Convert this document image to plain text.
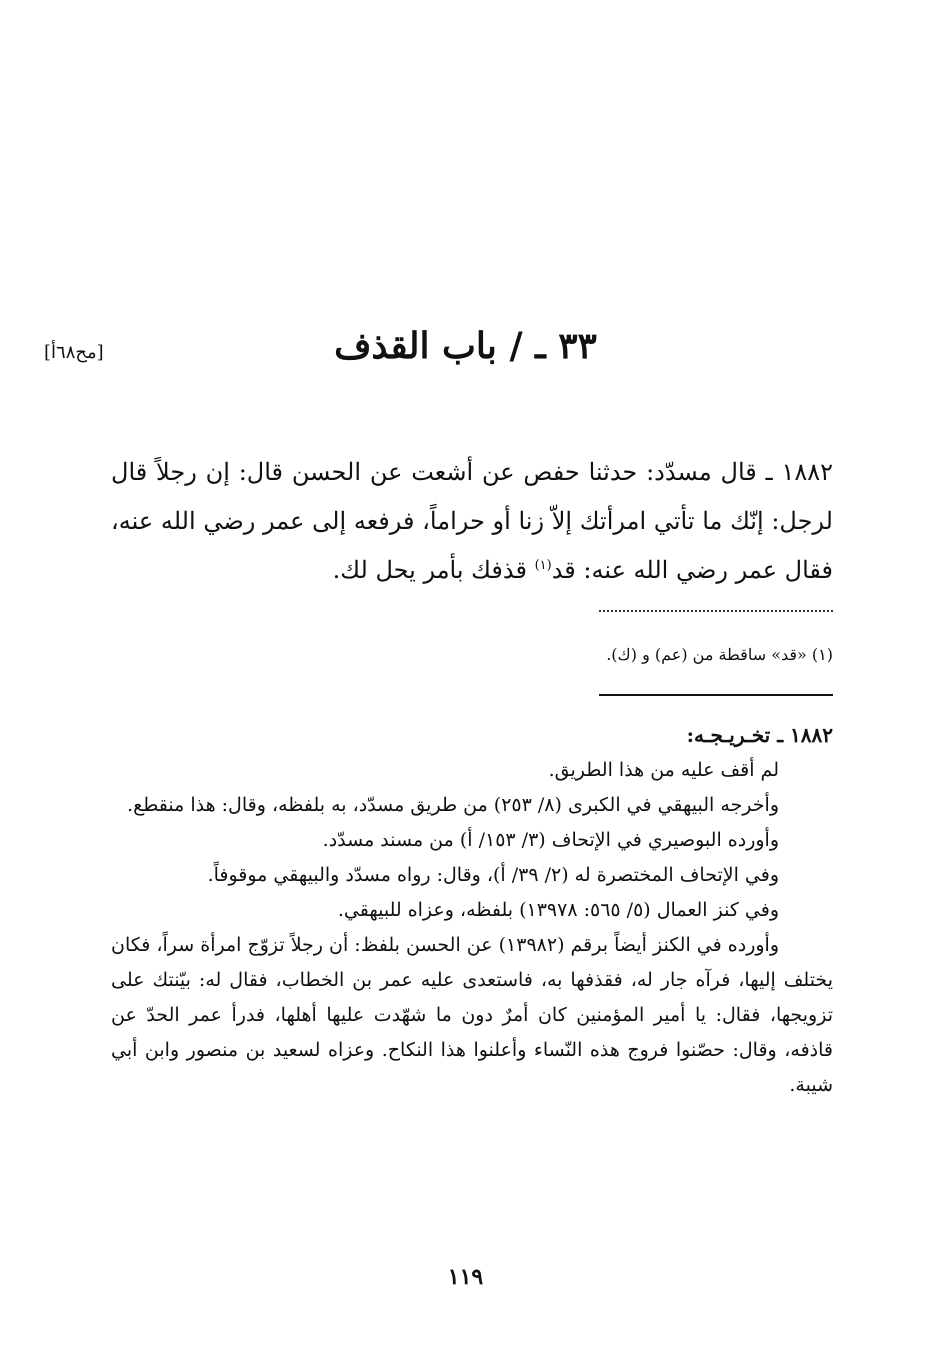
٣٣ ـ / باب القذف
[مح٦٨أ]

١٨٨٢ ـ قال مسدّد: حدثنا حفص عن أشعت عن الحسن قال: إن رجلاً قال لرجل: إنّك ما تأتي امرأتك إلاّ زنا أو حراماً، فرفعه إلى عمر رضي الله عنه، فقال عمر رضي الله عنه: قد$^{(١)}$ قذفك بأمر يحل لك.

(١) «قد» ساقطة من (عم) و (ك).

١٨٨٢ ـ تخـريـجـه:

لم أقف عليه من هذا الطريق.

وأخرجه البيهقي في الكبرى (٨/ ٢٥٣) من طريق مسدّد، به بلفظه، وقال: هذا منقطع.

وأورده البوصيري في الإتحاف (٣/ ١٥٣/ أ) من مسند مسدّد.

وفي الإتحاف المختصرة له (٢/ ٣٩/ أ)، وقال: رواه مسدّد والبيهقي موقوفاً.

وفي كنز العمال (٥/ ٥٦٥: ١٣٩٧٨) بلفظه، وعزاه للبيهقي.

وأورده في الكنز أيضاً برقم (١٣٩٨٢) عن الحسن بلفظ: أن رجلاً تزوّج امرأة سراً، فكان يختلف إليها، فرآه جار له، فقذفها به، فاستعدى عليه عمر بن الخطاب، فقال له: بيّنتك على تزويجها، فقال: يا أمير المؤمنين كان أمرٌ دون ما شهّدت عليها أهلها، فدرأ عمر الحدّ عن قاذفه، وقال: حصّنوا فروج هذه النّساء وأعلنوا هذا النكاح. وعزاه لسعيد بن منصور وابن أبي شيبة.

١١٩
